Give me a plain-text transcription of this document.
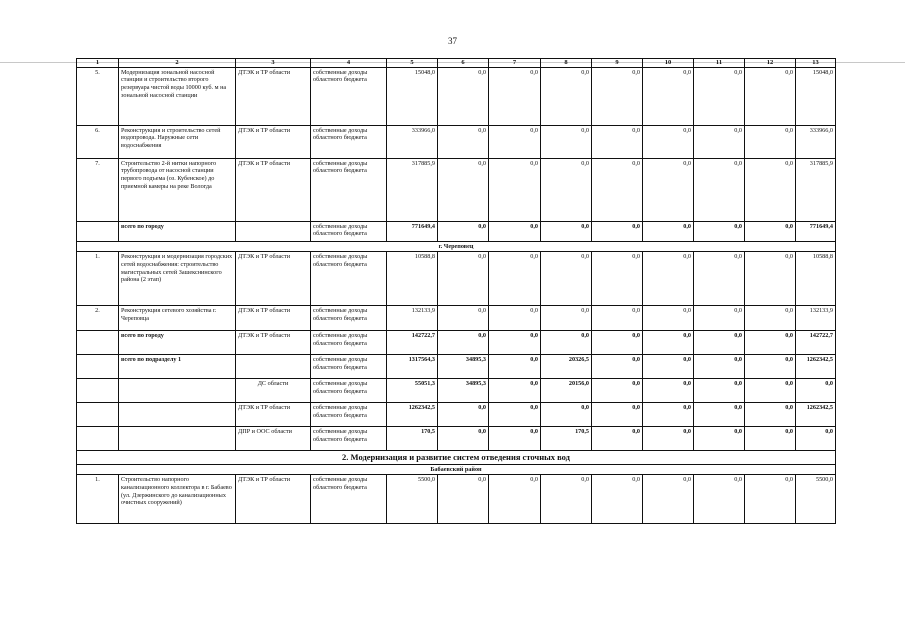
37
1	2	3	4	5	6	7	8	9	10	11	12	13
5.	Модернизация зональной насосной станции и строительство второго резервуара чистой воды 10000 куб. м на зональной насосной станции	ДТЭК и ТР области	собственные доходы областного бюджета	15048,0	0,0	0,0	0,0	0,0	0,0	0,0	0,0	15048,0
6.	Реконструкция и строительство сетей водопровода. Наружные сети водоснабжения	ДТЭК и ТР области	собственные доходы областного бюджета	333966,0	0,0	0,0	0,0	0,0	0,0	0,0	0,0	333966,0
7.	Строительство 2-й нитки напорного трубопровода от насосной станции первого подъема (оз. Кубенское) до приемной камеры на реке Вологда	ДТЭК и ТР области	собственные доходы областного бюджета	317885,9	0,0	0,0	0,0	0,0	0,0	0,0	0,0	317885,9
	всего по городу		собственные доходы областного бюджета	771649,4	0,0	0,0	0,0	0,0	0,0	0,0	0,0	771649,4
г. Череповец												
1.	Реконструкция и модернизация городских сетей водоснабжения: строительство магистральных сетей Зашекснинского района (2 этап)	ДТЭК и ТР области	собственные доходы областного бюджета	10588,8	0,0	0,0	0,0	0,0	0,0	0,0	0,0	10588,8
2.	Реконструкция сетевого хозяйства г. Череповца	ДТЭК и ТР области	собственные доходы областного бюджета	132133,9	0,0	0,0	0,0	0,0	0,0	0,0	0,0	132133,9
	всего по городу	ДТЭК и ТР области	собственные доходы областного бюджета	142722,7	0,0	0,0	0,0	0,0	0,0	0,0	0,0	142722,7
	всего по подразделу 1		собственные доходы областного бюджета	1317564,3	34895,3	0,0	20326,5	0,0	0,0	0,0	0,0	1262342,5
		ДС области	собственные доходы областного бюджета	55051,3	34895,3	0,0	20156,0	0,0	0,0	0,0	0,0	0,0
		ДТЭК и ТР области	собственные доходы областного бюджета	1262342,5	0,0	0,0	0,0	0,0	0,0	0,0	0,0	1262342,5
		ДПР и ООС области	собственные доходы областного бюджета	170,5	0,0	0,0	170,5	0,0	0,0	0,0	0,0	0,0
2. Модернизация и развитие систем отведения сточных вод												
Бабаевский район												
1.	Строительство напорного канализационного коллектора в г. Бабаево (ул. Дзержинского до канализационных очистных сооружений)	ДТЭК и ТР области	собственные доходы областного бюджета	5500,0	0,0	0,0	0,0	0,0	0,0	0,0	0,0	5500,0
